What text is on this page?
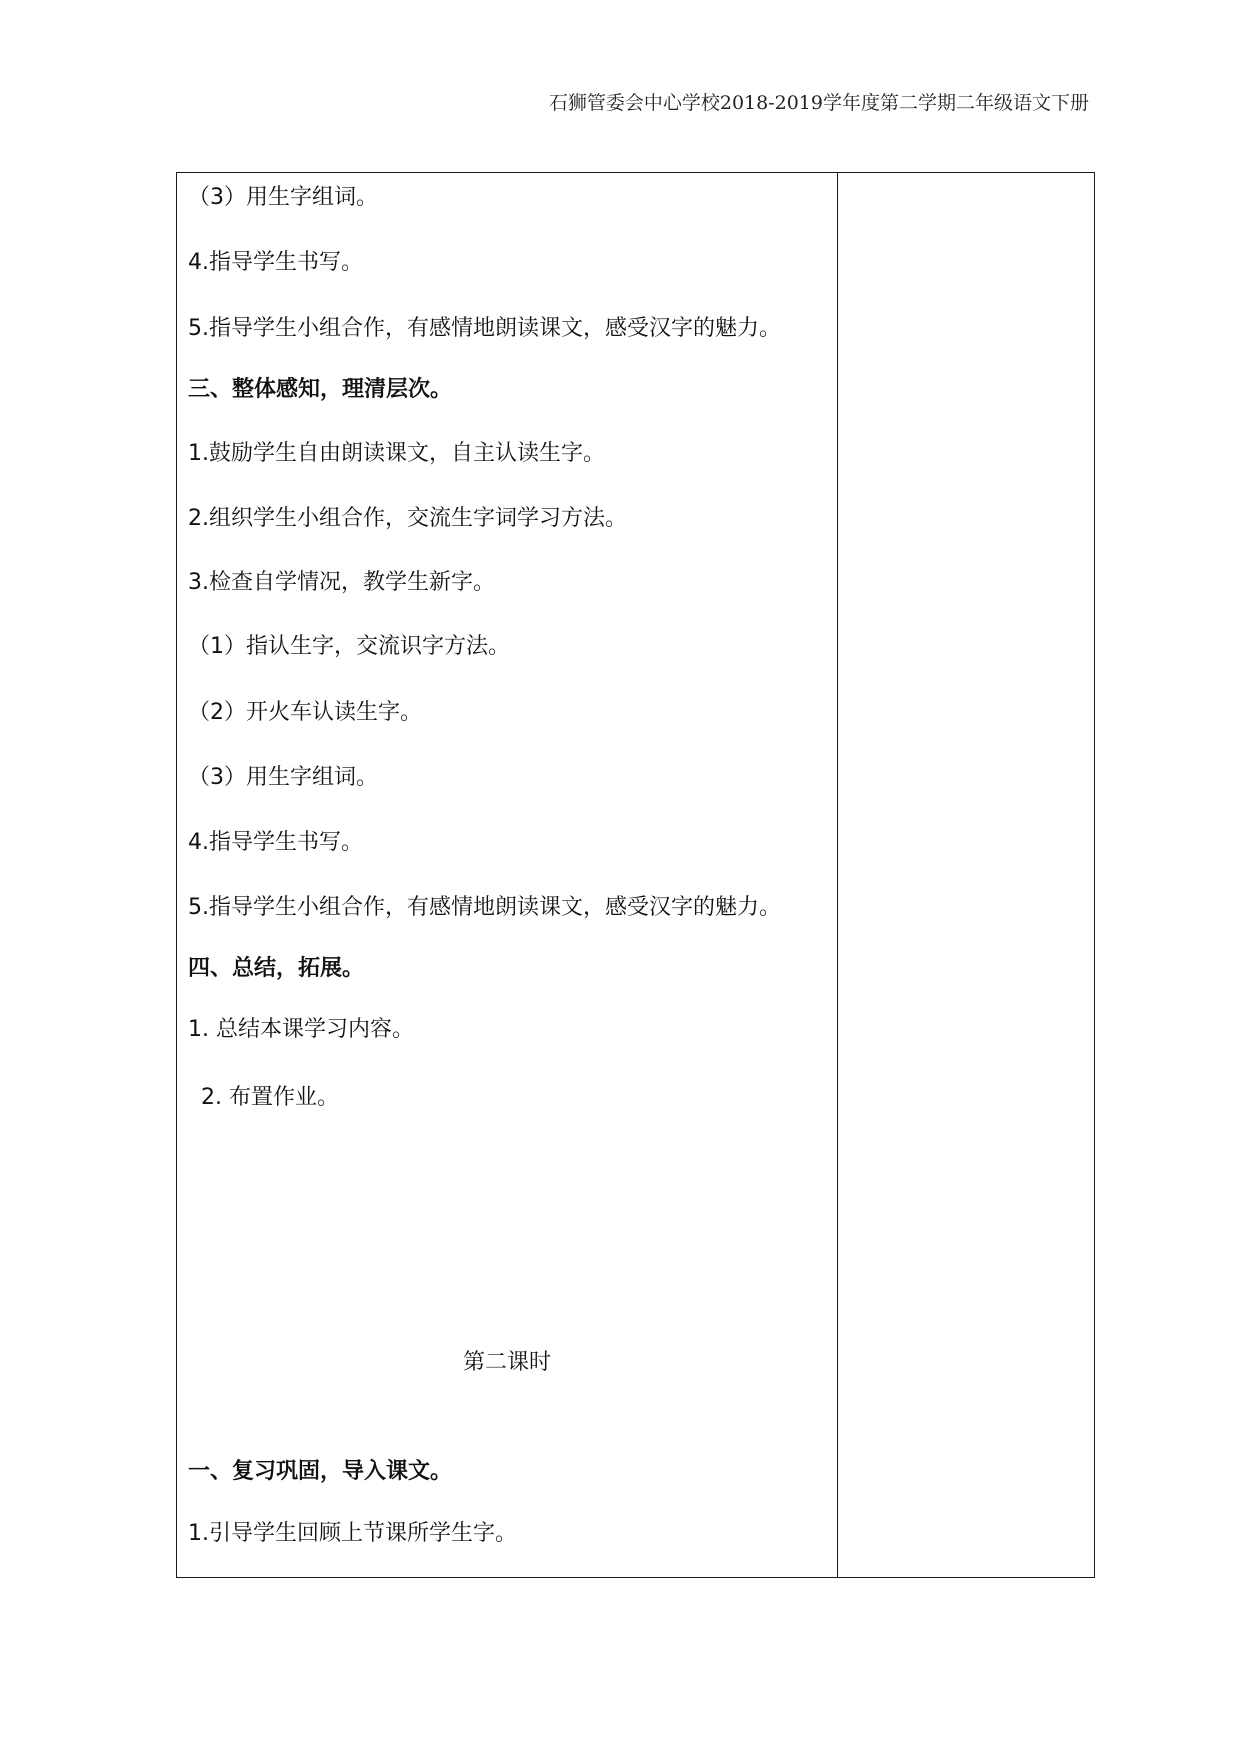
石狮管委会中心学校2018-2019学年度第二学期二年级语文下册
（3）用生字组词。
4.指导学生书写。
5.指导学生小组合作，有感情地朗读课文，感受汉字的魅力。
三、整体感知，理清层次。
1.鼓励学生自由朗读课文，自主认读生字。
2.组织学生小组合作，交流生字词学习方法。
3.检查自学情况，教学生新字。
（1）指认生字，交流识字方法。
（2）开火车认读生字。
（3）用生字组词。
4.指导学生书写。
5.指导学生小组合作，有感情地朗读课文，感受汉字的魅力。
四、总结，拓展。
1. 总结本课学习内容。
2. 布置作业。
第二课时
一、复习巩固，导入课文。
1.引导学生回顾上节课所学生字。
